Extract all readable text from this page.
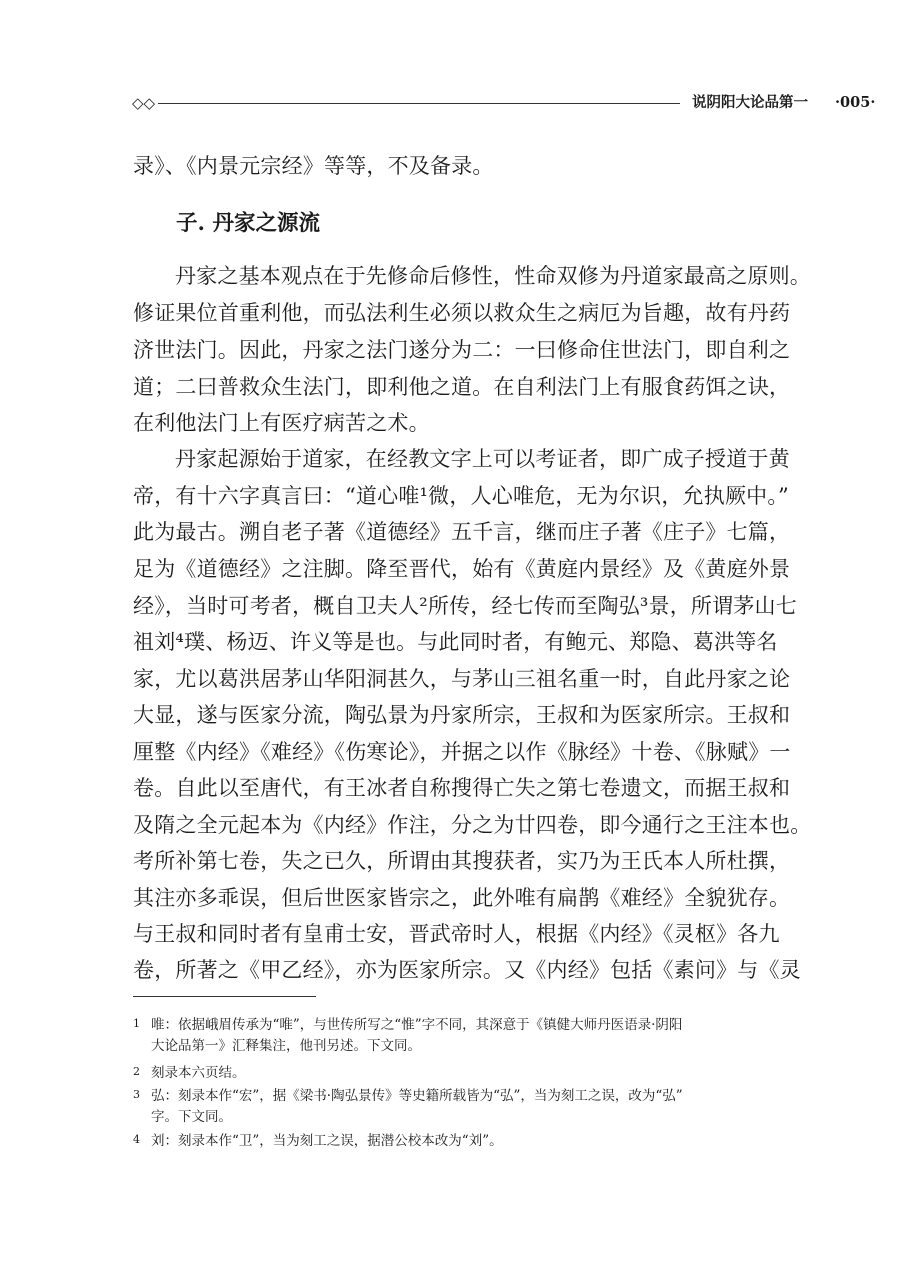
◇◇	说阴阳大论品第一 ·005·
录》、《内景元宗经》等等，不及备录。
子. 丹家之源流
丹家之基本观点在于先修命后修性，性命双修为丹道家最高之原则。
修证果位首重利他，而弘法利生必须以救众生之病厄为旨趣，故有丹药
济世法门。因此，丹家之法门遂分为二：一曰修命住世法门，即自利之
道；二曰普救众生法门，即利他之道。在自利法门上有服食药饵之诀，
在利他法门上有医疗病苦之术。
丹家起源始于道家，在经教文字上可以考证者，即广成子授道于黄
帝，有十六字真言曰：“道心唯¹微，人心唯危，无为尔识，允执厥中。”
此为最古。溯自老子著《道德经》五千言，继而庄子著《庄子》七篇，
足为《道德经》之注脚。降至晋代，始有《黄庭内景经》及《黄庭外景
经》，当时可考者，概自卫夫人²所传，经七传而至陶弘³景，所谓茅山七
祖刘⁴璞、杨迈、许义等是也。与此同时者，有鲍元、郑隐、葛洪等名
家，尤以葛洪居茅山华阳洞甚久，与茅山三祖名重一时，自此丹家之论
大显，遂与医家分流，陶弘景为丹家所宗，王叔和为医家所宗。王叔和
厘整《内经》《难经》《伤寒论》，并据之以作《脉经》十卷、《脉赋》一
卷。自此以至唐代，有王冰者自称搜得亡失之第七卷遗文，而据王叔和
及隋之全元起本为《内经》作注，分之为廿四卷，即今通行之王注本也。
考所补第七卷，失之已久，所谓由其搜获者，实乃为王氏本人所杜撰，
其注亦多乖误，但后世医家皆宗之，此外唯有扁鹊《难经》全貌犹存。
与王叔和同时者有皇甫士安，晋武帝时人，根据《内经》《灵枢》各九
卷，所著之《甲乙经》，亦为医家所宗。又《内经》包括《素问》与《灵
1 唯：依据峨眉传承为“唯”，与世传所写之“惟”字不同，其深意于《镇健大师丹医语录·阴阳
大论品第一》汇释集注，他刊另述。下文同。
2 刻录本六页结。
3 弘：刻录本作“宏”，据《梁书·陶弘景传》等史籍所载皆为“弘”，当为刻工之误，改为“弘”
字。下文同。
4 刘：刻录本作“卫”，当为刻工之误，据潜公校本改为“刘”。
